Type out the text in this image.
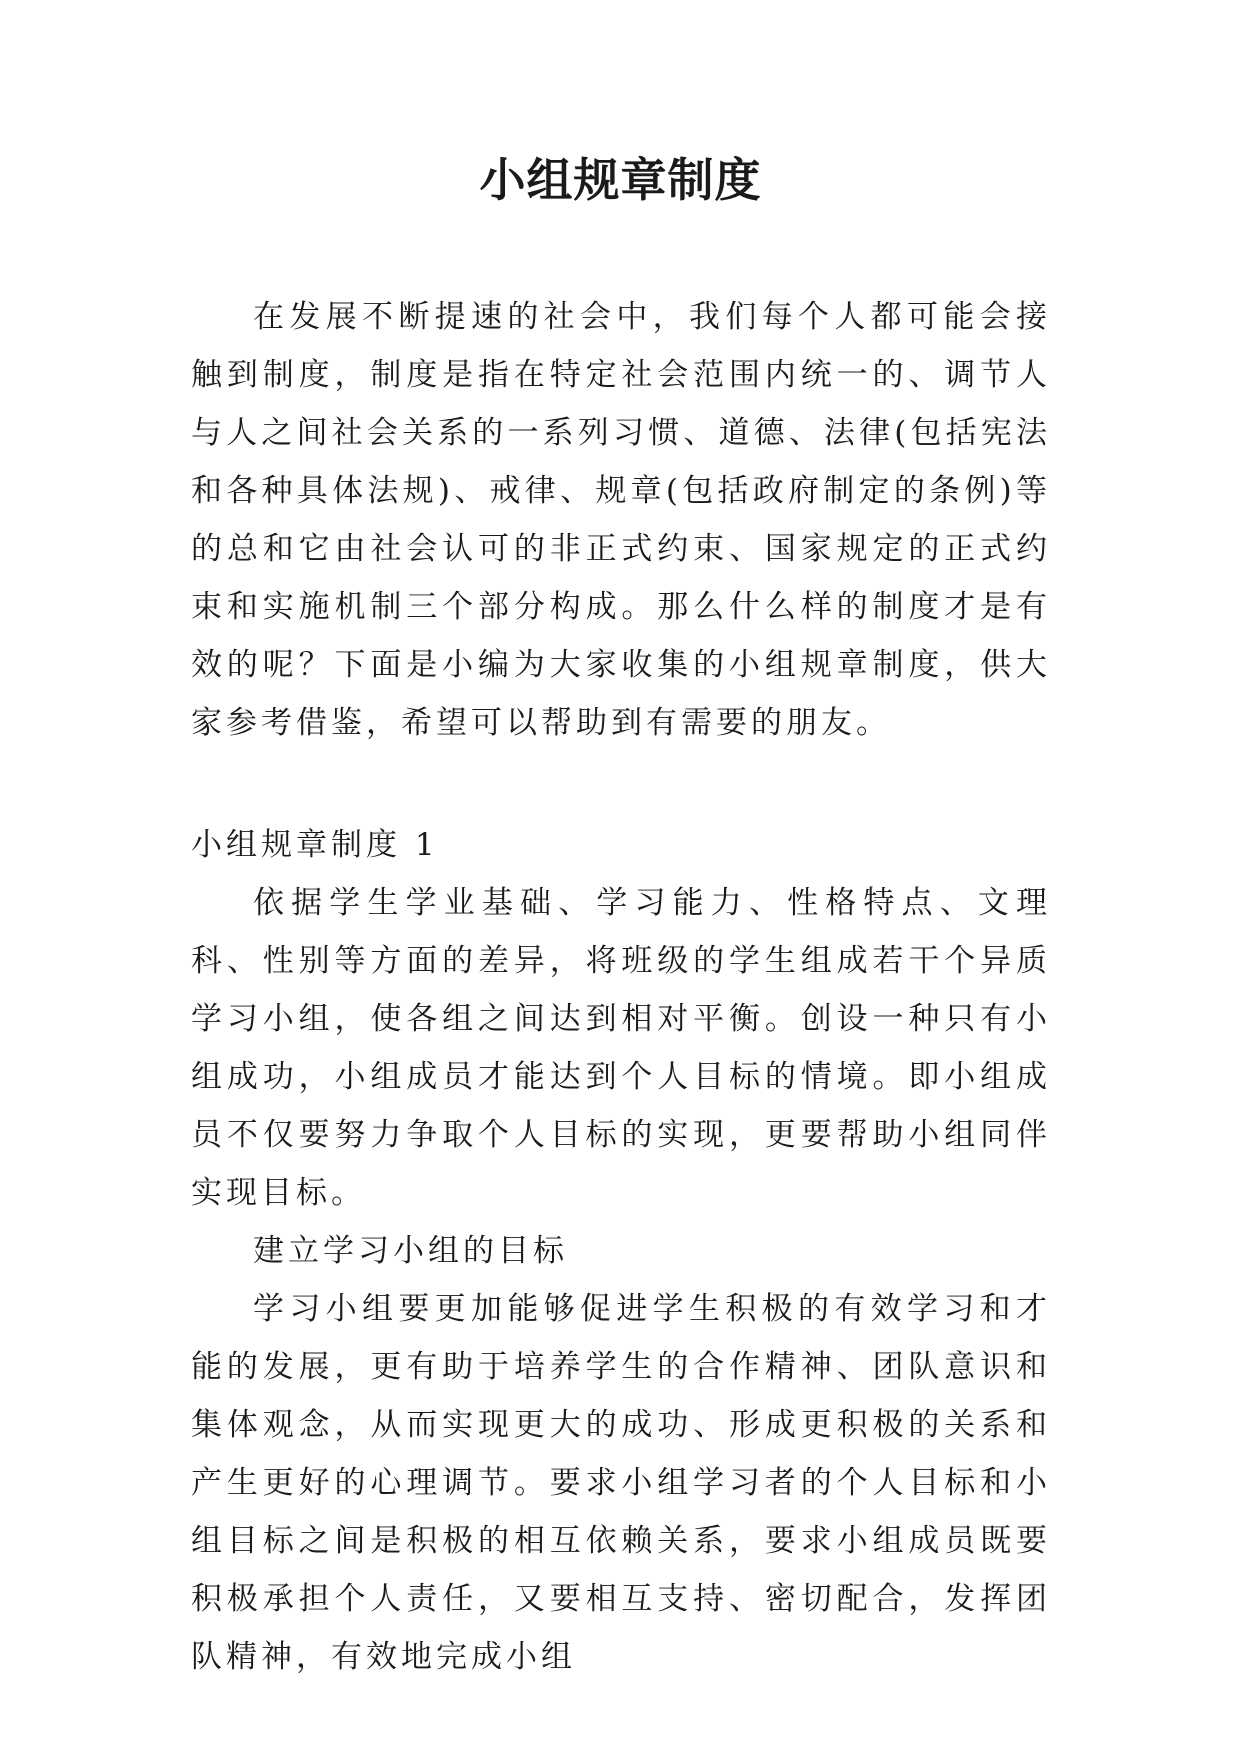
小组规章制度

在发展不断提速的社会中，我们每个人都可能会接触到制度，制度是指在特定社会范围内统一的、调节人与人之间社会关系的一系列习惯、道德、法律(包括宪法和各种具体法规)、戒律、规章(包括政府制定的条例)等的总和它由社会认可的非正式约束、国家规定的正式约束和实施机制三个部分构成。那么什么样的制度才是有效的呢？下面是小编为大家收集的小组规章制度，供大家参考借鉴，希望可以帮助到有需要的朋友。

小组规章制度 1

依据学生学业基础、学习能力、性格特点、文理科、性别等方面的差异，将班级的学生组成若干个异质学习小组，使各组之间达到相对平衡。创设一种只有小组成功，小组成员才能达到个人目标的情境。即小组成员不仅要努力争取个人目标的实现，更要帮助小组同伴实现目标。

建立学习小组的目标

学习小组要更加能够促进学生积极的有效学习和才能的发展，更有助于培养学生的合作精神、团队意识和集体观念，从而实现更大的成功、形成更积极的关系和产生更好的心理调节。要求小组学习者的个人目标和小组目标之间是积极的相互依赖关系，要求小组成员既要积极承担个人责任，又要相互支持、密切配合，发挥团队精神，有效地完成小组
